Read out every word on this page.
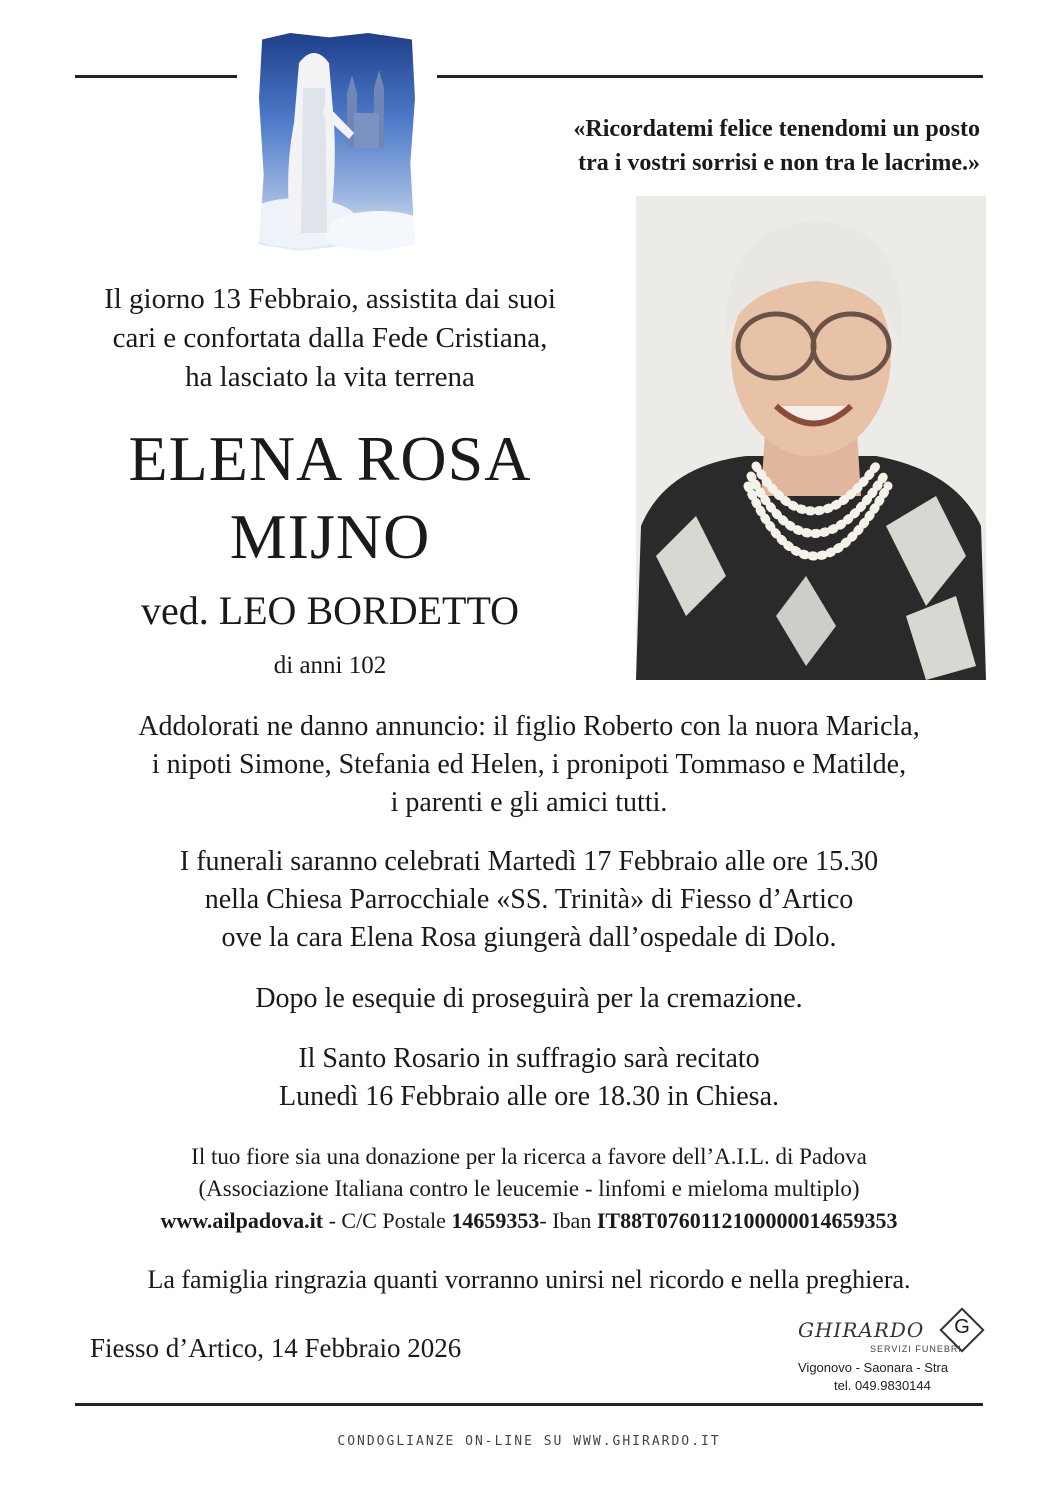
«Ricordatemi felice tenendomi un posto
tra i vostri sorrisi e non tra le lacrime.»
Il giorno 13 Febbraio, assistita dai suoi
cari e confortata dalla Fede Cristiana,
ha lasciato la vita terrena
ELENA ROSA
MIJNO
ved. LEO BORDETTO
di anni 102
Addolorati ne danno annuncio: il figlio Roberto con la nuora Maricla,
i nipoti Simone, Stefania ed Helen, i pronipoti Tommaso e Matilde,
i parenti e gli amici tutti.
I funerali saranno celebrati Martedì 17 Febbraio alle ore 15.30
nella Chiesa Parrocchiale «SS. Trinità» di Fiesso d’Artico
ove la cara Elena Rosa giungerà dall’ospedale di Dolo.
Dopo le esequie di proseguirà per la cremazione.
Il Santo Rosario in suffragio sarà recitato
Lunedì 16 Febbraio alle ore 18.30 in Chiesa.
Il tuo fiore sia una donazione per la ricerca a favore dell’A.I.L. di Padova
(Associazione Italiana contro le leucemie - linfomi e mieloma multiplo)
www.ailpadova.it - C/C Postale 14659353- Iban IT88T0760112100000014659353
La famiglia ringrazia quanti vorranno unirsi nel ricordo e nella preghiera.
Fiesso d’Artico, 14 Febbraio 2026
GHIRARDO
SERVIZI FUNEBRI
G
Vigonovo - Saonara - Stra
tel. 049.9830144
CONDOGLIANZE ON-LINE SU WWW.GHIRARDO.IT
